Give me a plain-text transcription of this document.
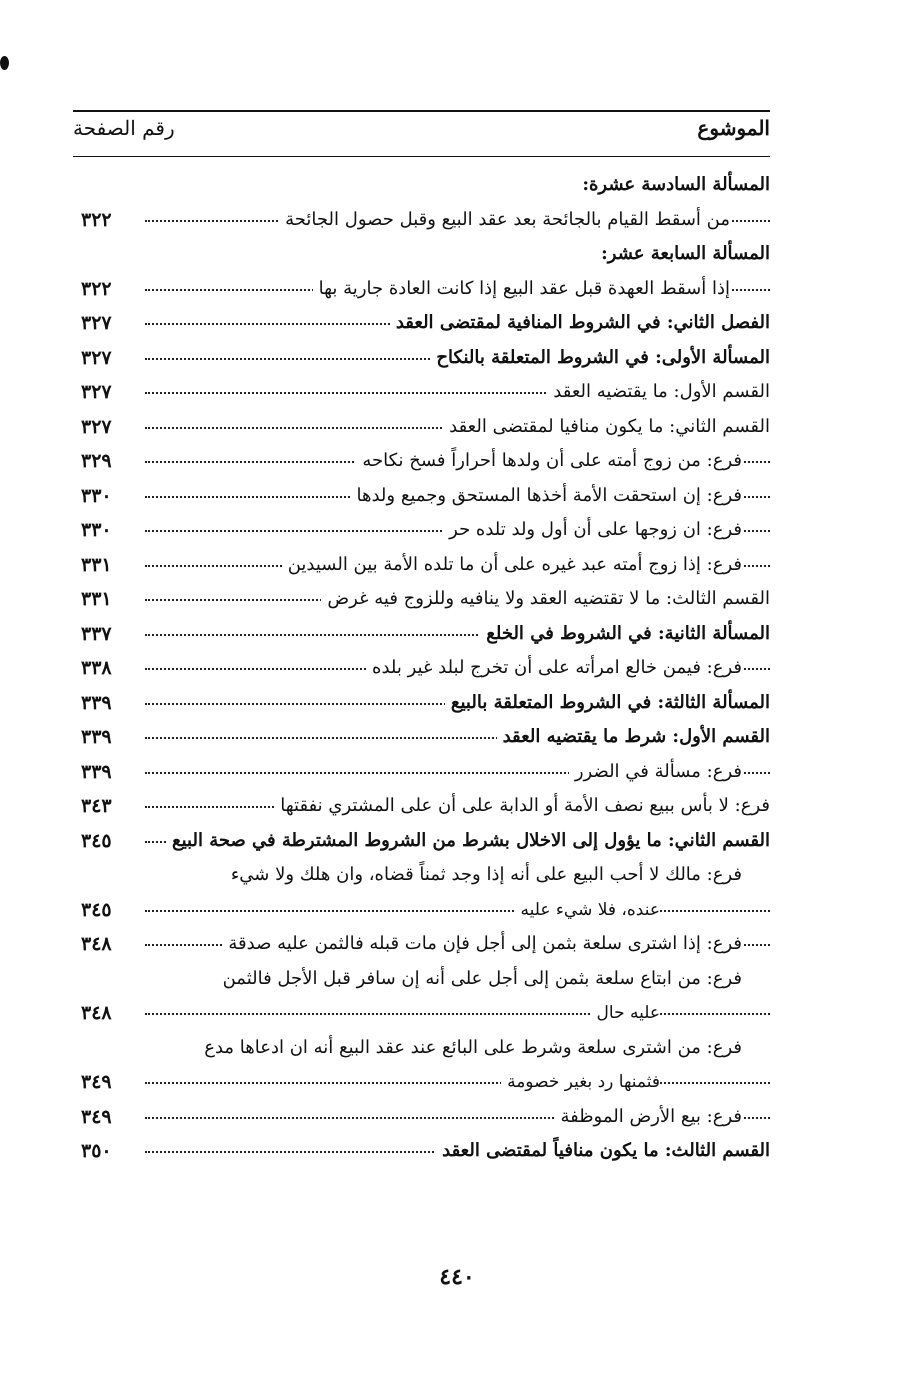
الموشوع
رقم الصفحة
المسألة السادسة عشرة:
من أسقط القيام بالجائحة بعد عقد البيع وقبل حصول الجائحة
٣٢٢
المسألة السابعة عشر:
إذا أسقط العهدة قبل عقد البيع إذا كانت العادة جارية بها
٣٢٢
الفصل الثاني: في الشروط المنافية لمقتضى العقد
٣٢٧
المسألة الأولى: في الشروط المتعلقة بالنكاح
٣٢٧
القسم الأول: ما يقتضيه العقد
٣٢٧
القسم الثاني: ما يكون منافيا لمقتضى العقد
٣٢٧
فرع: من زوج أمته على أن ولدها أحراراً فسخ نكاحه
٣٢٩
فرع: إن استحقت الأمة أخذها المستحق وجميع ولدها
٣٣٠
فرع: ان زوجها على أن أول ولد تلده حر
٣٣٠
فرع: إذا زوج أمته عبد غيره على أن ما تلده الأمة بين السيدين
٣٣١
القسم الثالث: ما لا تقتضيه العقد ولا ينافيه وللزوج فيه غرض
٣٣١
المسألة الثانية: في الشروط في الخلع
٣٣٧
فرع: فيمن خالع امرأته على أن تخرج لبلد غير بلده
٣٣٨
المسألة الثالثة: في الشروط المتعلقة بالبيع
٣٣٩
القسم الأول: شرط ما يقتضيه العقد
٣٣٩
فرع: مسألة في الضرر
٣٣٩
فرع: لا بأس ببيع نصف الأمة أو الدابة على أن على المشتري نفقتها
٣٤٣
القسم الثاني: ما يؤول إلى الاخلال بشرط من الشروط المشترطة في صحة البيع
٣٤٥
فرع: مالك لا أحب البيع على أنه إذا وجد ثمناً قضاه، وان هلك ولا شيء
عنده، فلا شيء عليه
٣٤٥
فرع: إذا اشترى سلعة بثمن إلى أجل فإن مات قبله فالثمن عليه صدقة
٣٤٨
فرع: من ابتاع سلعة بثمن إلى أجل على أنه إن سافر قبل الأجل فالثمن
عليه حال
٣٤٨
فرع: من اشترى سلعة وشرط على البائع عند عقد البيع أنه ان ادعاها مدع
فثمنها رد بغير خصومة
٣٤٩
فرع: بيع الأرض الموظفة
٣٤٩
القسم الثالث: ما يكون منافياً لمقتضى العقد
٣٥٠
٤٤٠
